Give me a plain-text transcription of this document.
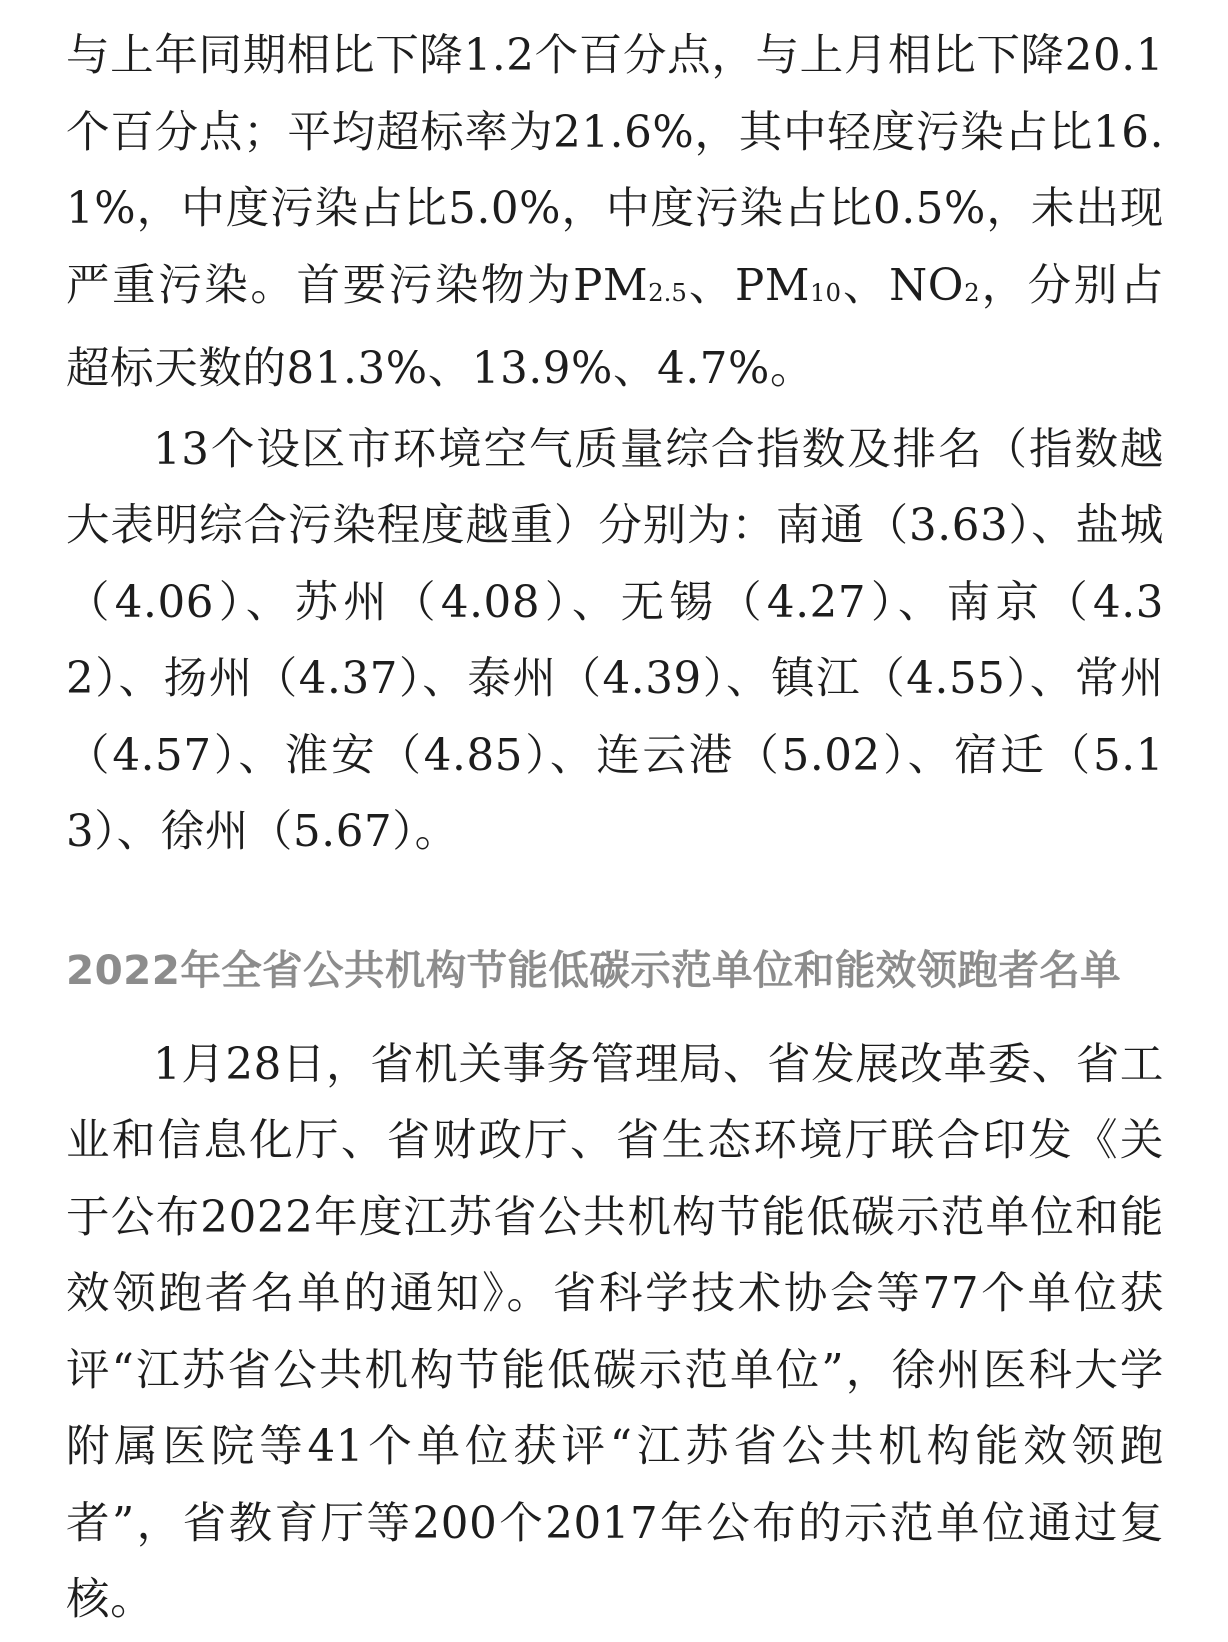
与上年同期相比下降1.2个百分点，与上月相比下降20.1个百分点；平均超标率为21.6%，其中轻度污染占比16.1%，中度污染占比5.0%，中度污染占比0.5%，未出现严重污染。首要污染物为PM2.5、PM10、NO2，分别占超标天数的81.3%、13.9%、4.7%。

13个设区市环境空气质量综合指数及排名（指数越大表明综合污染程度越重）分别为：南通（3.63）、盐城（4.06）、苏州（4.08）、无锡（4.27）、南京（4.32）、扬州（4.37）、泰州（4.39）、镇江（4.55）、常州（4.57）、淮安（4.85）、连云港（5.02）、宿迁（5.13）、徐州（5.67）。

2022年全省公共机构节能低碳示范单位和能效领跑者名单

1月28日，省机关事务管理局、省发展改革委、省工业和信息化厅、省财政厅、省生态环境厅联合印发《关于公布2022年度江苏省公共机构节能低碳示范单位和能效领跑者名单的通知》。省科学技术协会等77个单位获评“江苏省公共机构节能低碳示范单位”，徐州医科大学附属医院等41个单位获评“江苏省公共机构能效领跑者”，省教育厅等200个2017年公布的示范单位通过复核。
